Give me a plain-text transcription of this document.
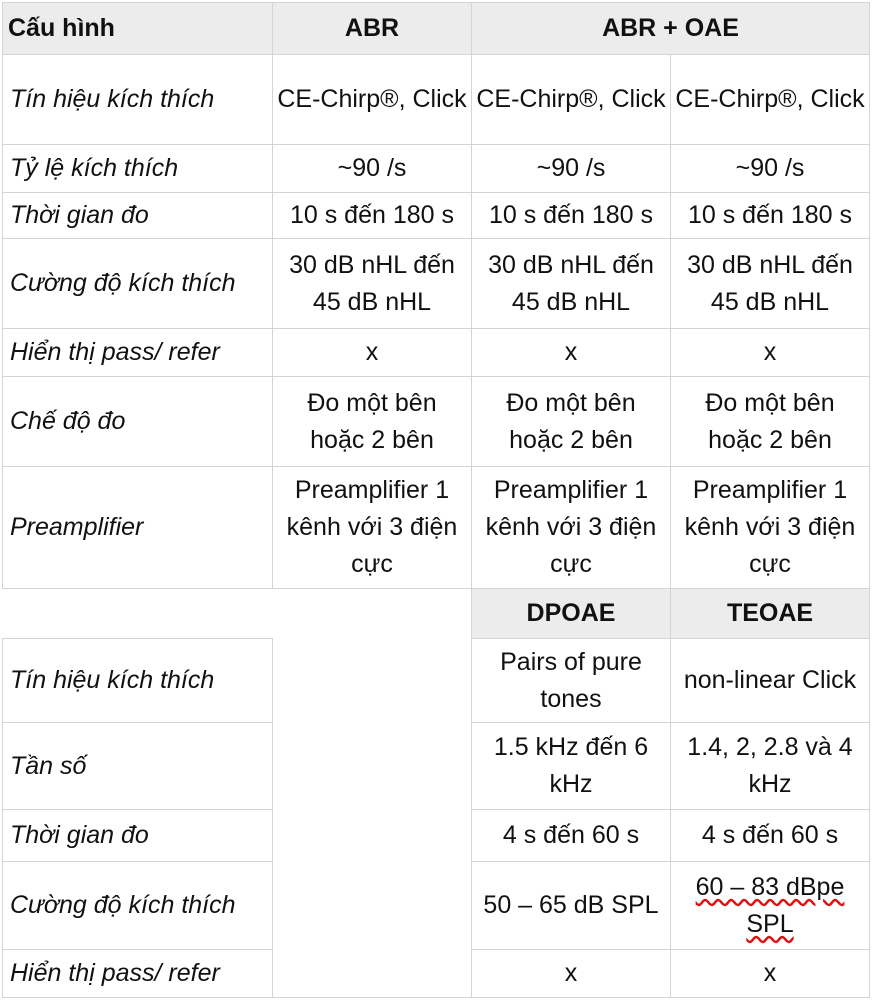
Cấu hình	ABR	ABR + OAE	
Tín hiệu kích thích	CE-Chirp®, Click	CE-Chirp®, Click	CE-Chirp®, Click
Tỷ lệ kích thích	~90 /s	~90 /s	~90 /s
Thời gian đo	10 s đến 180 s	10 s đến 180 s	10 s đến 180 s
Cường độ kích thích	30 dB nHL đến 45 dB nHL	30 dB nHL đến 45 dB nHL	30 dB nHL đến 45 dB nHL
Hiển thị pass/ refer	x	x	x
Chế độ đo	Đo một bên hoặc 2 bên	Đo một bên hoặc 2 bên	Đo một bên hoặc 2 bên
Preamplifier	Preamplifier 1 kênh với 3 điện cực	Preamplifier 1 kênh với 3 điện cực	Preamplifier 1 kênh với 3 điện cực
		DPOAE	TEOAE
Tín hiệu kích thích		Pairs of pure tones	non-linear Click
Tần số		1.5 kHz đến 6 kHz	1.4, 2, 2.8 và 4 kHz
Thời gian đo		4 s đến 60 s	4 s đến 60 s
Cường độ kích thích		50 – 65 dB SPL	60 – 83 dBpe SPL
Hiển thị pass/ refer		x	x
